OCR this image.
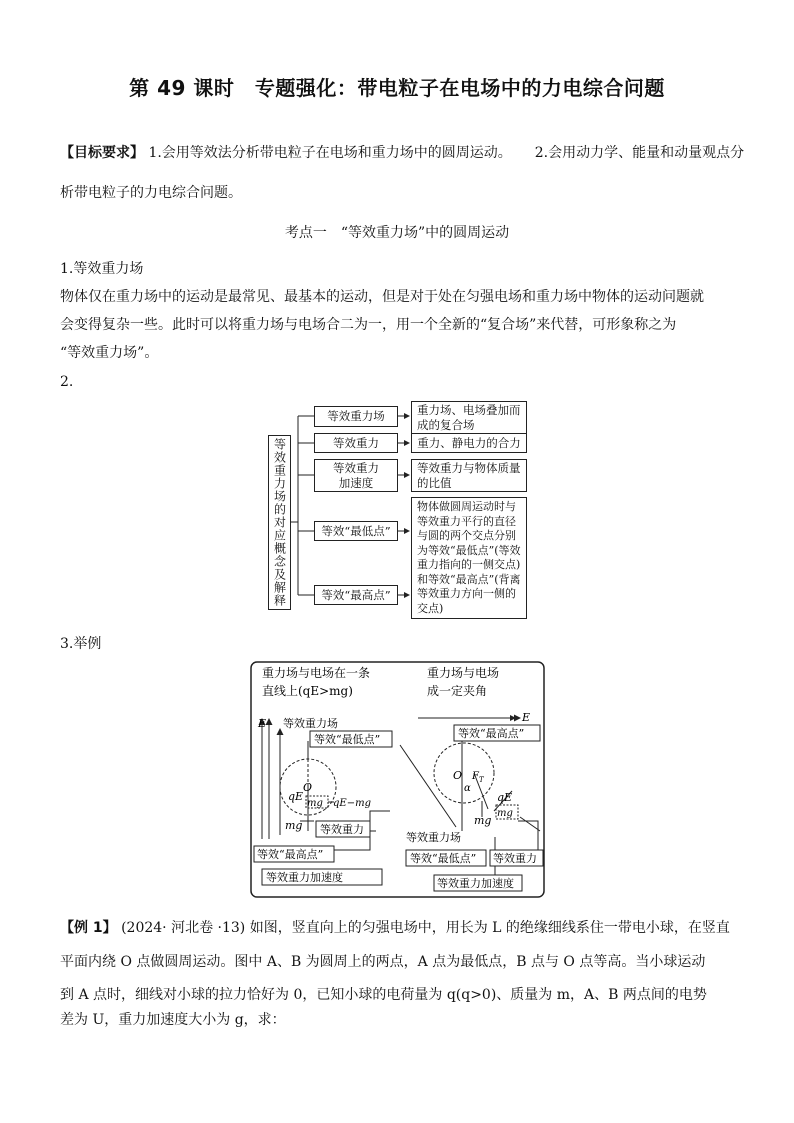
第 49 课时　专题强化：带电粒子在电场中的力电综合问题
【目标要求】 1.会用等效法分析带电粒子在电场和重力场中的圆周运动。 2.会用动力学、能量和动量观点分
析带电粒子的力电综合问题。
考点一　“等效重力场”中的圆周运动
1.等效重力场
物体仅在重力场中的运动是最常见、最基本的运动，但是对于处在匀强电场和重力场中物体的运动问题就
会变得复杂一些。此时可以将重力场与电场合二为一，用一个全新的“复合场”来代替，可形象称之为
“等效重力场”。
2.
等效重力场的对应概念及解释
等效重力场
等效重力
等效重力加速度
等效“最低点”
等效“最高点”
重力场、电场叠加而成的复合场
重力、静电力的合力
等效重力与物体质量的比值
物体做圆周运动时与等效重力平行的直径与圆的两个交点分别为等效“最低点”(等效重力指向的一侧交点)和等效“最高点”(背离等效重力方向一侧的交点)
3.举例
重力场与电场在一条
直线上(qE>mg)
重力场与电场
成一定夹角
E 等效重力场
等效“最低点”
O
qE
mg qE−mg
mg 等效重力
等效“最高点”
等效重力加速度
E
等效“最高点”
O $F_T$
α
qE
mg
mg
等效重力场
等效“最低点” 等效重力
等效重力加速度
【例 1】 (2024· 河北卷 ·13) 如图，竖直向上的匀强电场中，用长为 L 的绝缘细线系住一带电小球，在竖直
平面内绕 O 点做圆周运动。图中 A、B 为圆周上的两点，A 点为最低点，B 点与 O 点等高。当小球运动
到 A 点时，细线对小球的拉力恰好为 0，已知小球的电荷量为 q(q>0)、质量为 m，A、B 两点间的电势
差为 U，重力加速度大小为 g，求：
